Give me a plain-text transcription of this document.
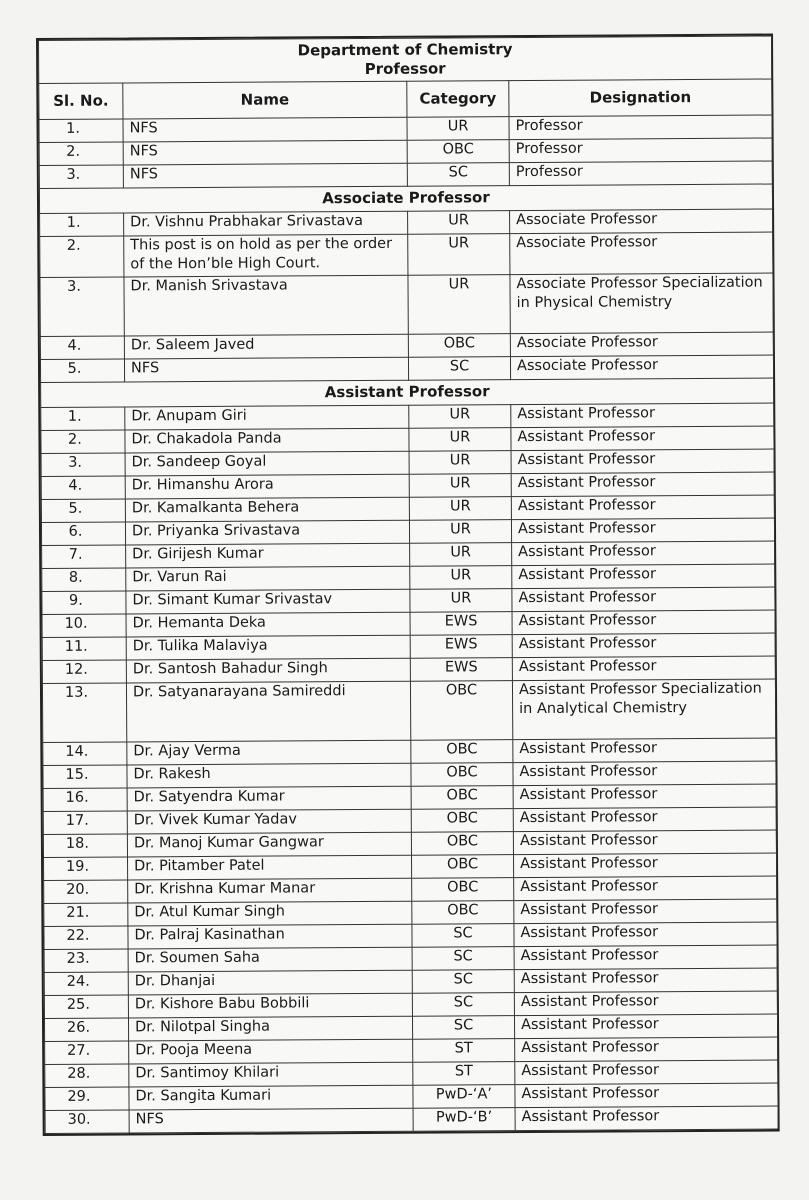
Department of Chemistry
Professor			

Sl. No.	Name	Category	Designation
1.	NFS	UR	Professor
2.	NFS	OBC	Professor
3.	NFS	SC	Professor
Associate Professor			
1.	Dr. Vishnu Prabhakar Srivastava	UR	Associate Professor
2.	This post is on hold as per the order of the Hon’ble High Court.	UR	Associate Professor
3.	Dr. Manish Srivastava	UR	Associate Professor Specialization in Physical Chemistry
4.	Dr. Saleem Javed	OBC	Associate Professor
5.	NFS	SC	Associate Professor
Assistant Professor			
1.	Dr. Anupam Giri	UR	Assistant Professor
2.	Dr. Chakadola Panda	UR	Assistant Professor
3.	Dr. Sandeep Goyal	UR	Assistant Professor
4.	Dr. Himanshu Arora	UR	Assistant Professor
5.	Dr. Kamalkanta Behera	UR	Assistant Professor
6.	Dr. Priyanka Srivastava	UR	Assistant Professor
7.	Dr. Girijesh Kumar	UR	Assistant Professor
8.	Dr. Varun Rai	UR	Assistant Professor
9.	Dr. Simant Kumar Srivastav	UR	Assistant Professor
10.	Dr. Hemanta Deka	EWS	Assistant Professor
11.	Dr. Tulika Malaviya	EWS	Assistant Professor
12.	Dr. Santosh Bahadur Singh	EWS	Assistant Professor
13.	Dr. Satyanarayana Samireddi	OBC	Assistant Professor Specialization in Analytical Chemistry
14.	Dr. Ajay Verma	OBC	Assistant Professor
15.	Dr. Rakesh	OBC	Assistant Professor
16.	Dr. Satyendra Kumar	OBC	Assistant Professor
17.	Dr. Vivek Kumar Yadav	OBC	Assistant Professor
18.	Dr. Manoj Kumar Gangwar	OBC	Assistant Professor
19.	Dr. Pitamber Patel	OBC	Assistant Professor
20.	Dr. Krishna Kumar Manar	OBC	Assistant Professor
21.	Dr. Atul Kumar Singh	OBC	Assistant Professor
22.	Dr. Palraj Kasinathan	SC	Assistant Professor
23.	Dr. Soumen Saha	SC	Assistant Professor
24.	Dr. Dhanjai	SC	Assistant Professor
25.	Dr. Kishore Babu Bobbili	SC	Assistant Professor
26.	Dr. Nilotpal Singha	SC	Assistant Professor
27.	Dr. Pooja Meena	ST	Assistant Professor
28.	Dr. Santimoy Khilari	ST	Assistant Professor
29.	Dr. Sangita Kumari	PwD-‘A’	Assistant Professor
30.	NFS	PwD-‘B’	Assistant Professor
